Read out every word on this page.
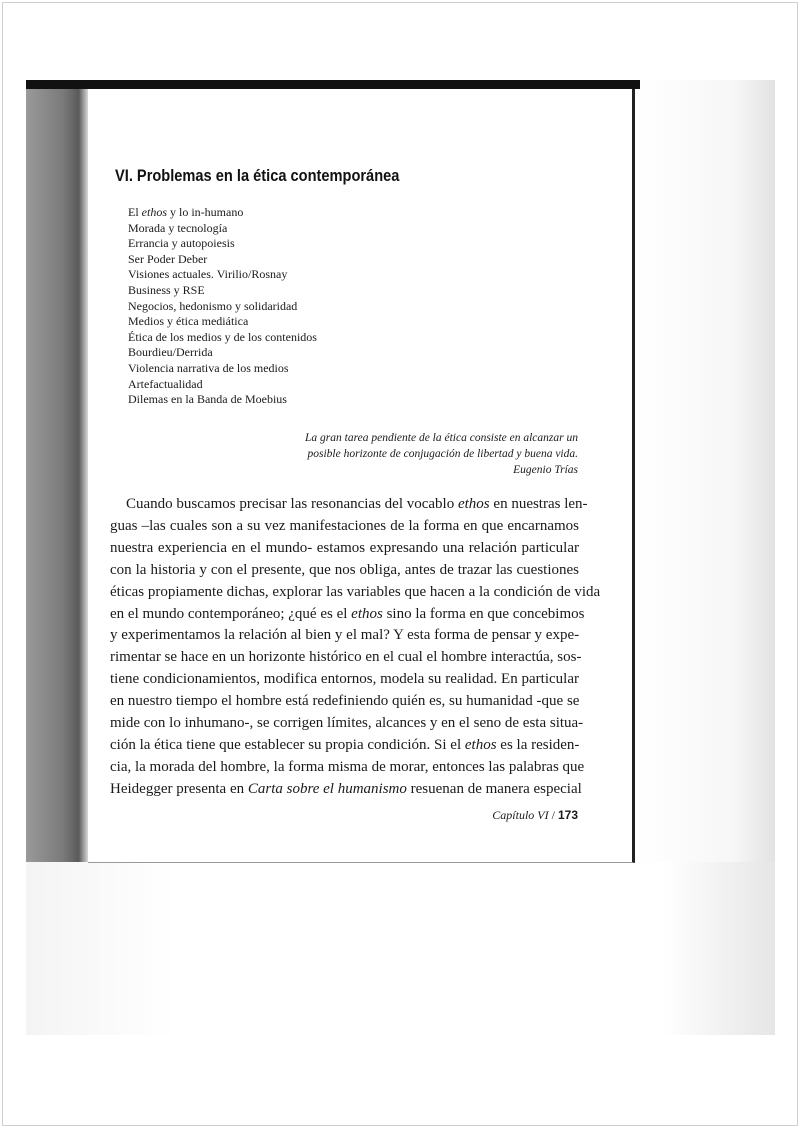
VI. Problemas en la ética contemporánea
El ethos y lo in-humano
Morada y tecnología
Errancia y autopoiesis
Ser Poder Deber
Visiones actuales. Virilio/Rosnay
Business y RSE
Negocios, hedonismo y solidaridad
Medios y ética mediática
Ética de los medios y de los contenidos
Bourdieu/Derrida
Violencia narrativa de los medios
Artefactualidad
Dilemas en la Banda de Moebius
La gran tarea pendiente de la ética consiste en alcanzar un
posible horizonte de conjugación de libertad y buena vida.
Eugenio Trías
Cuando buscamos precisar las resonancias del vocablo ethos en nuestras len-
guas –las cuales son a su vez manifestaciones de la forma en que encarnamos
nuestra experiencia en el mundo- estamos expresando una relación particular
con la historia y con el presente, que nos obliga, antes de trazar las cuestiones
éticas propiamente dichas, explorar las variables que hacen a la condición de vida
en el mundo contemporáneo; ¿qué es el ethos sino la forma en que concebimos
y experimentamos la relación al bien y el mal? Y esta forma de pensar y expe-
rimentar se hace en un horizonte histórico en el cual el hombre interactúa, sos-
tiene condicionamientos, modifica entornos, modela su realidad. En particular
en nuestro tiempo el hombre está redefiniendo quién es, su humanidad -que se
mide con lo inhumano-, se corrigen límites, alcances y en el seno de esta situa-
ción la ética tiene que establecer su propia condición. Si el ethos es la residen-
cia, la morada del hombre, la forma misma de morar, entonces las palabras que
Heidegger presenta en Carta sobre el humanismo resuenan de manera especial
Capítulo VI / 173
